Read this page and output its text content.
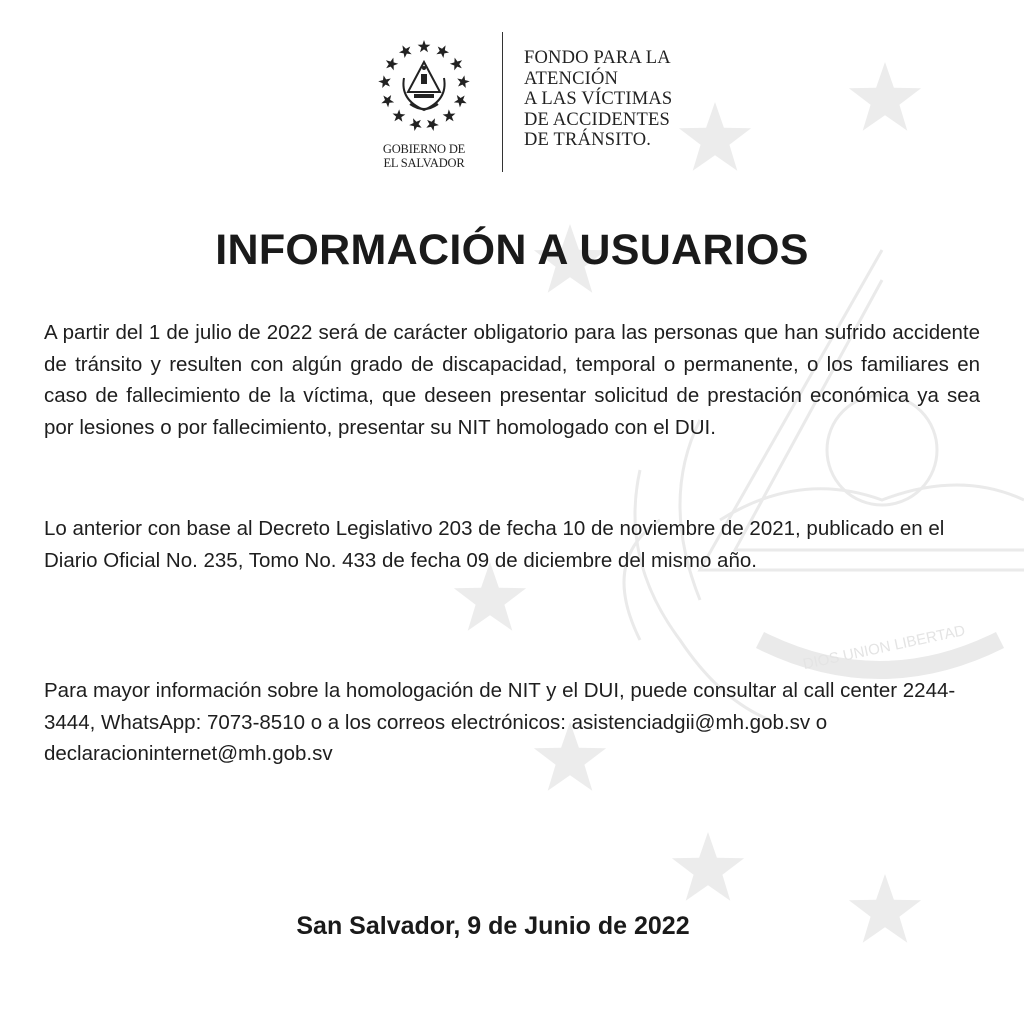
DIOS UNION LIBERTAD
GOBIERNO DE
EL SALVADOR
FONDO PARA LA
ATENCIÓN
A LAS VÍCTIMAS
DE ACCIDENTES
DE TRÁNSITO.
INFORMACIÓN A USUARIOS

A partir del 1 de julio de 2022 será de carácter obligatorio para las personas que han sufrido accidente de tránsito y resulten con algún grado de discapacidad, temporal o permanente, o los familiares en caso de fallecimiento de la víctima, que deseen presentar solicitud de prestación económica ya sea por lesiones o por fallecimiento, presentar su NIT homologado con el DUI.

Lo anterior con base al Decreto Legislativo 203 de fecha 10 de noviembre de 2021, publicado en el Diario Oficial No. 235, Tomo No. 433 de fecha 09 de diciembre del mismo año.

Para mayor información sobre la homologación de NIT y el DUI, puede consultar al call center 2244-3444, WhatsApp: 7073-8510 o a los correos electrónicos: asistenciadgii@mh.gob.sv o declaracioninternet@mh.gob.sv

San Salvador, 9 de Junio de 2022
